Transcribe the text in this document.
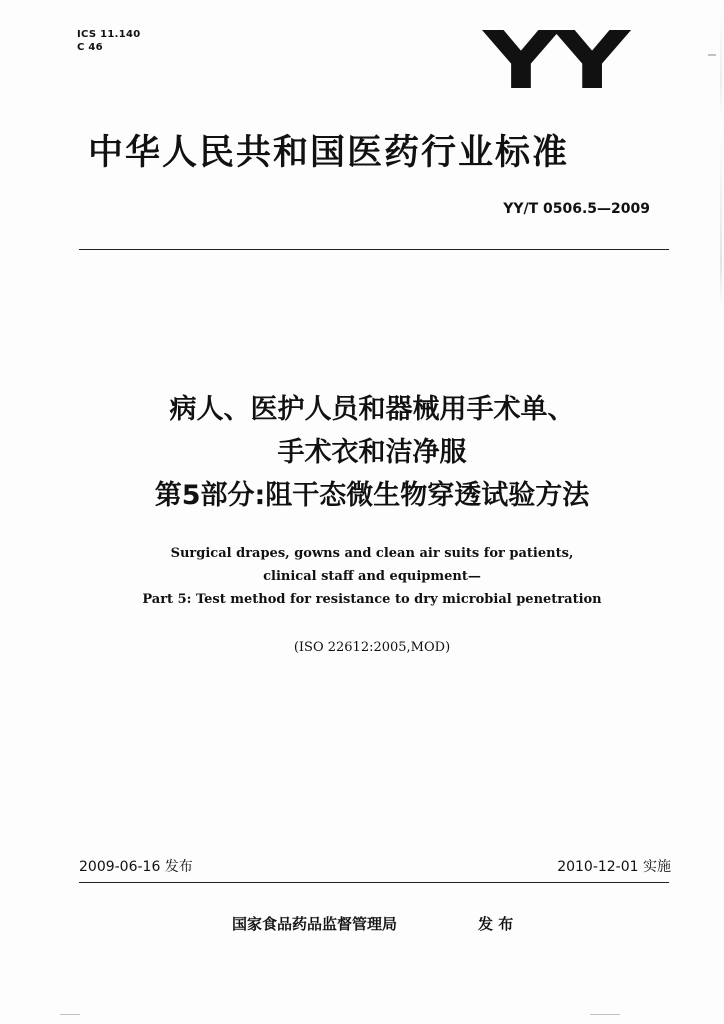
ICS 11.140
C 46	YY
中华人民共和国医药行业标准
YY/T 0506.5—2009
病人、医护人员和器械用手术单、
手术衣和洁净服
第5部分:阻干态微生物穿透试验方法
Surgical drapes, gowns and clean air suits for patients,
clinical staff and equipment—
Part 5: Test method for resistance to dry microbial penetration
(ISO 22612:2005,MOD)
2009-06-16 发布	2010-12-01 实施
国家食品药品监督管理局	发 布
